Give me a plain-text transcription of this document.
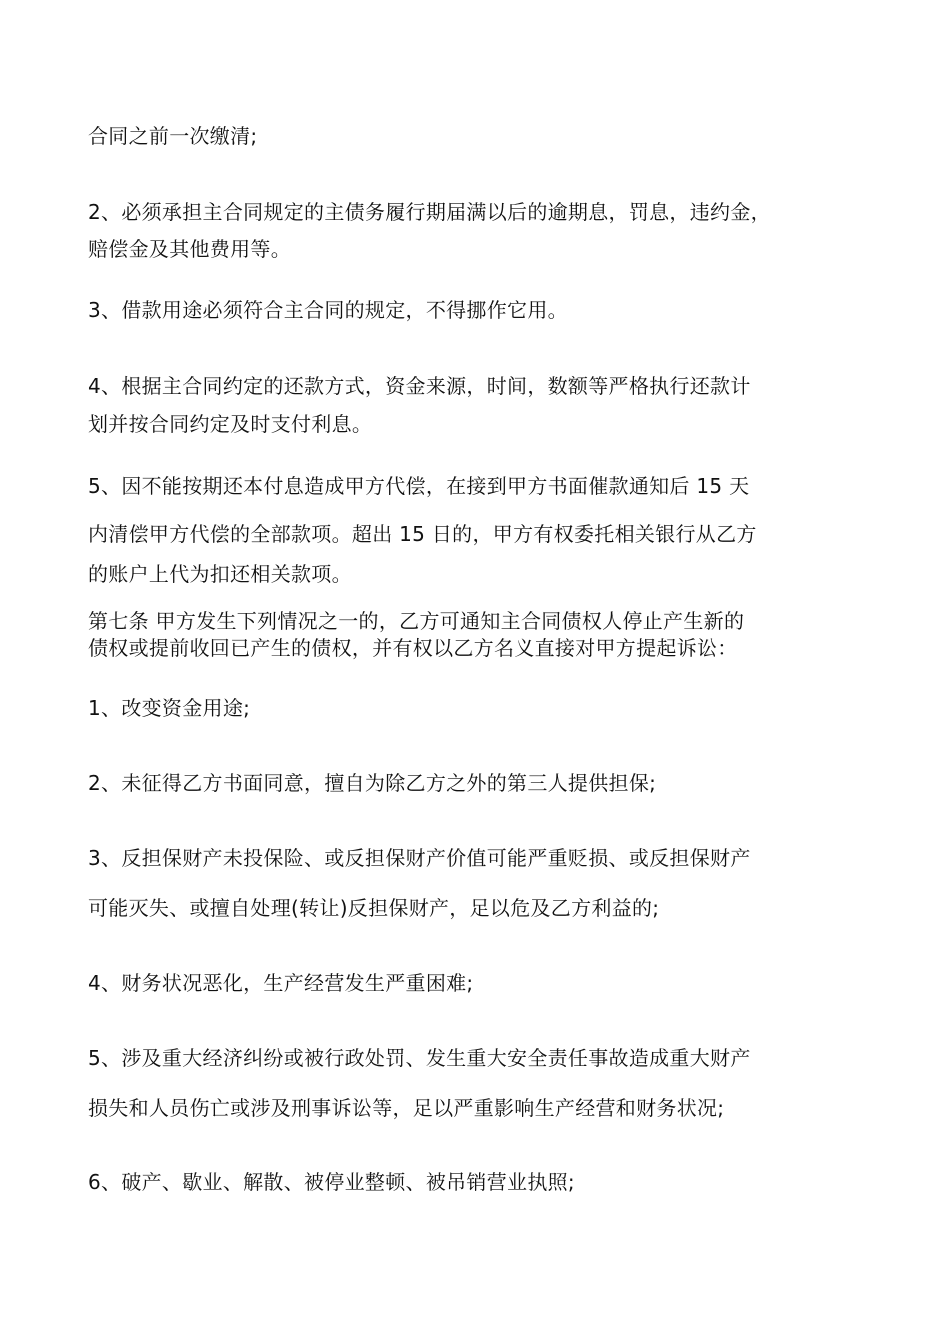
合同之前一次缴清;
2、必须承担主合同规定的主债务履行期届满以后的逾期息，罚息，违约金，
赔偿金及其他费用等。
3、借款用途必须符合主合同的规定，不得挪作它用。
4、根据主合同约定的还款方式，资金来源，时间，数额等严格执行还款计
划并按合同约定及时支付利息。
5、因不能按期还本付息造成甲方代偿，在接到甲方书面催款通知后 15 天
内清偿甲方代偿的全部款项。超出 15 日的，甲方有权委托相关银行从乙方
的账户上代为扣还相关款项。
第七条 甲方发生下列情况之一的，乙方可通知主合同债权人停止产生新的
债权或提前收回已产生的债权，并有权以乙方名义直接对甲方提起诉讼：
1、改变资金用途;
2、未征得乙方书面同意，擅自为除乙方之外的第三人提供担保;
3、反担保财产未投保险、或反担保财产价值可能严重贬损、或反担保财产
可能灭失、或擅自处理(转让)反担保财产，足以危及乙方利益的;
4、财务状况恶化，生产经营发生严重困难;
5、涉及重大经济纠纷或被行政处罚、发生重大安全责任事故造成重大财产
损失和人员伤亡或涉及刑事诉讼等，足以严重影响生产经营和财务状况;
6、破产、歇业、解散、被停业整顿、被吊销营业执照;
